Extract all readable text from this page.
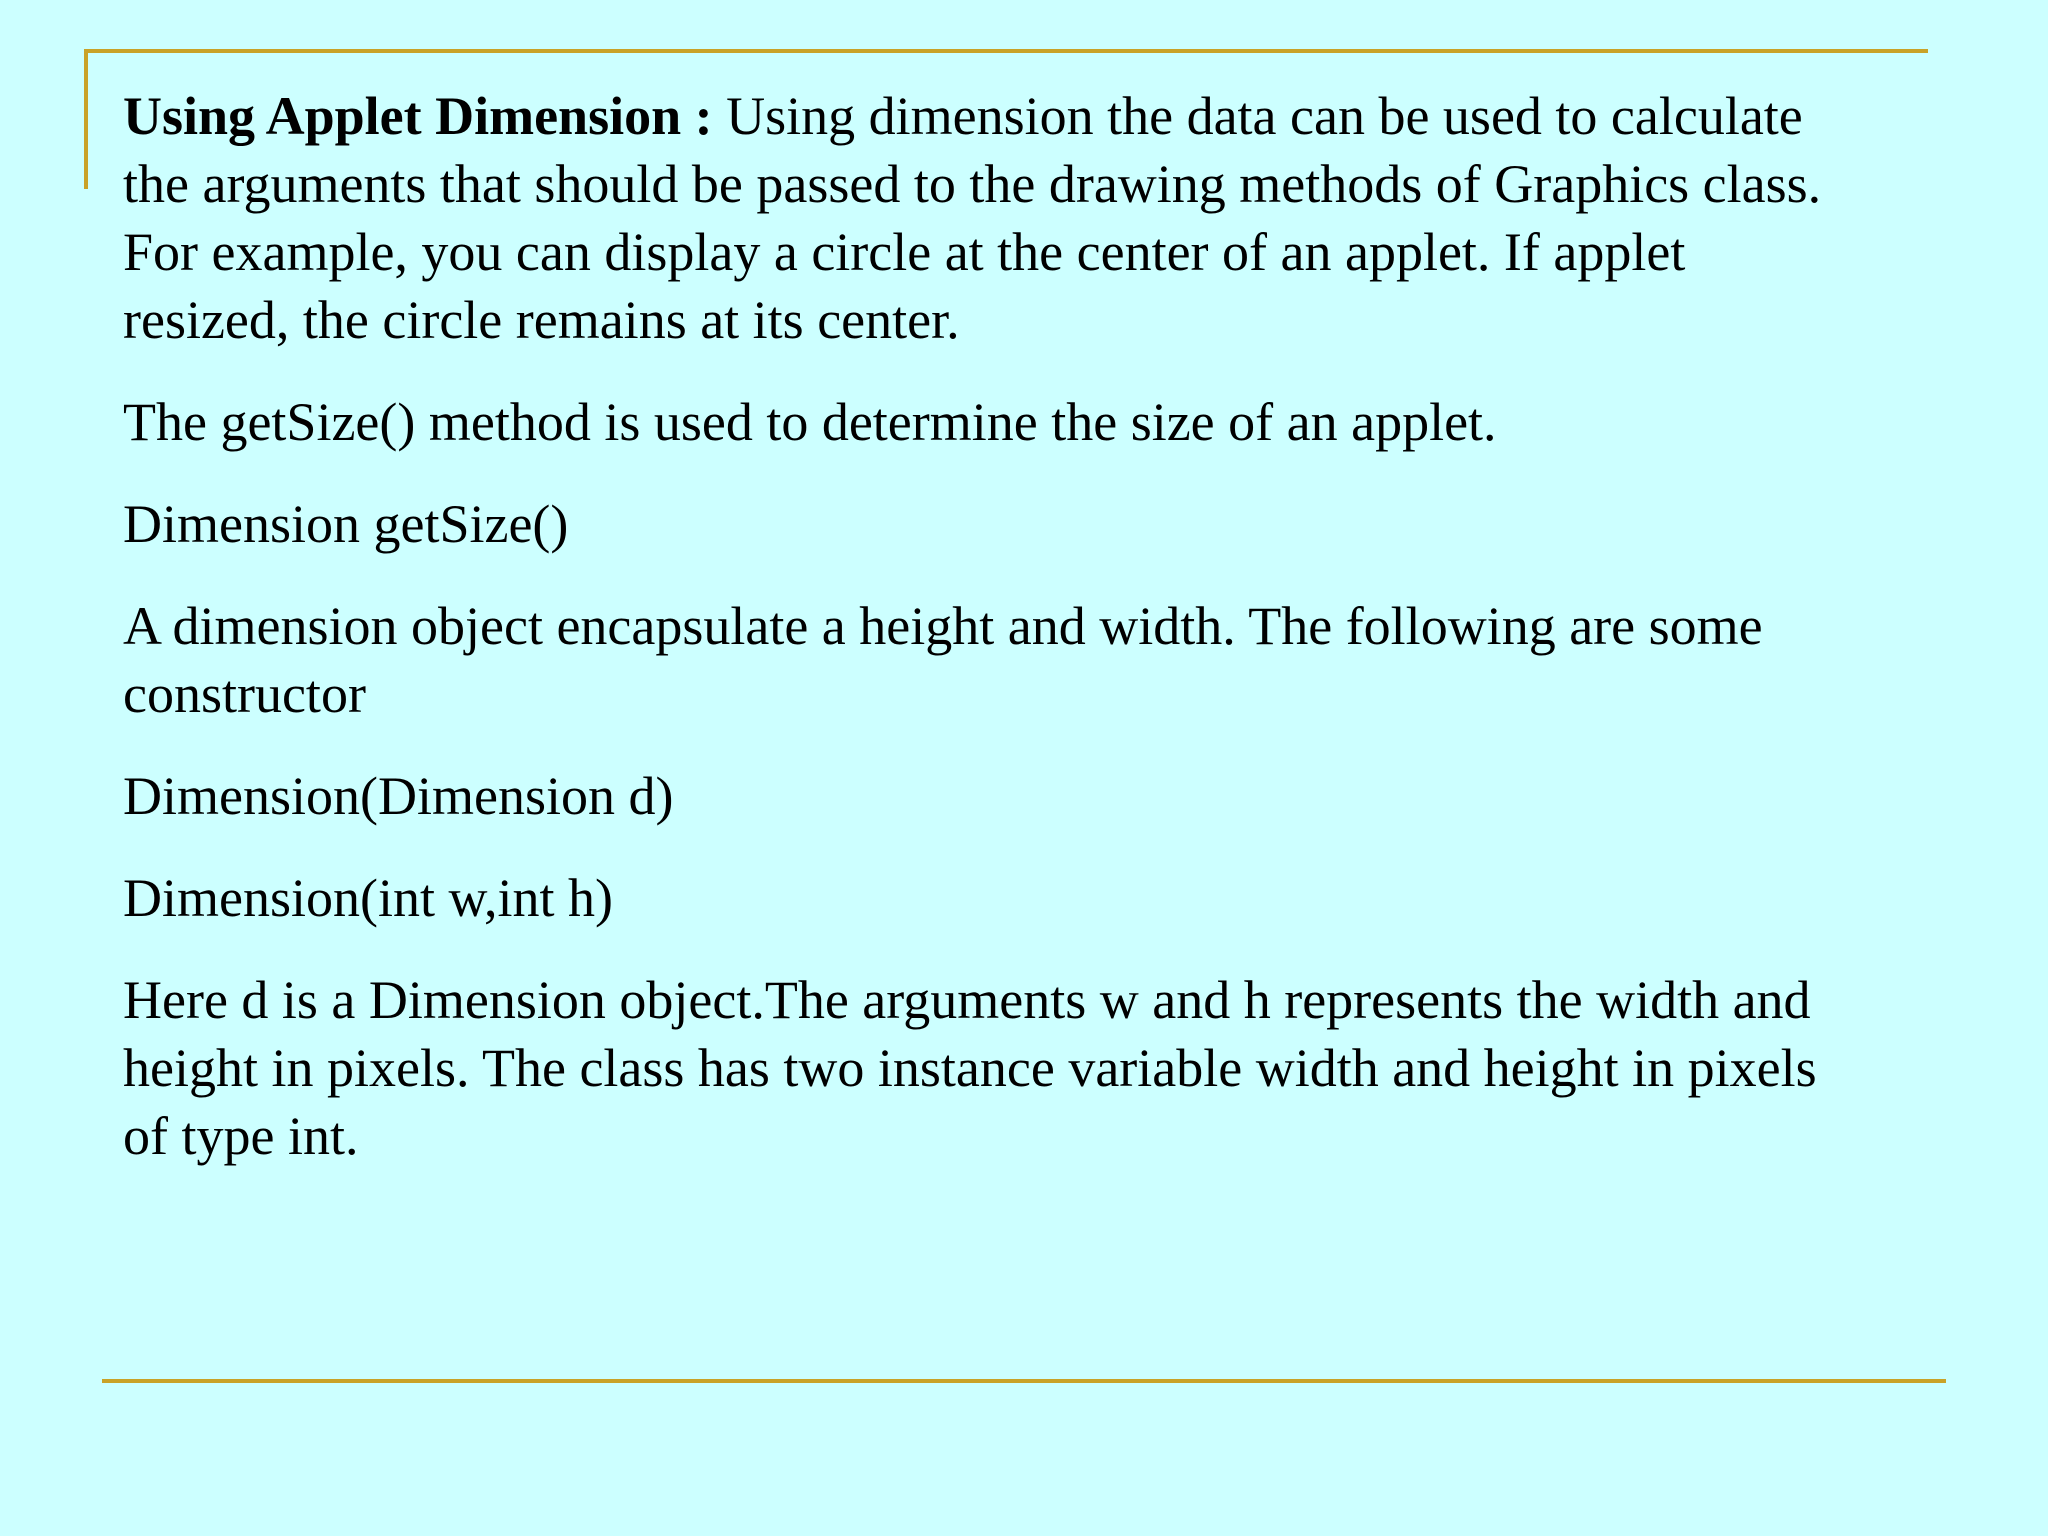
Using Applet Dimension : Using dimension the data can be used to calculate
the arguments that should be passed to the drawing methods of Graphics class.
For example, you can display a circle at the center of an applet. If applet
resized, the circle remains at its center.

The getSize() method is used to determine the size of an applet.

Dimension getSize()

A dimension object encapsulate a height and width. The following are some
constructor

Dimension(Dimension d)

Dimension(int w,int h)

Here d is a Dimension object.The arguments w and h represents the width and
height in pixels. The class has two instance variable width and height in pixels
of type int.
